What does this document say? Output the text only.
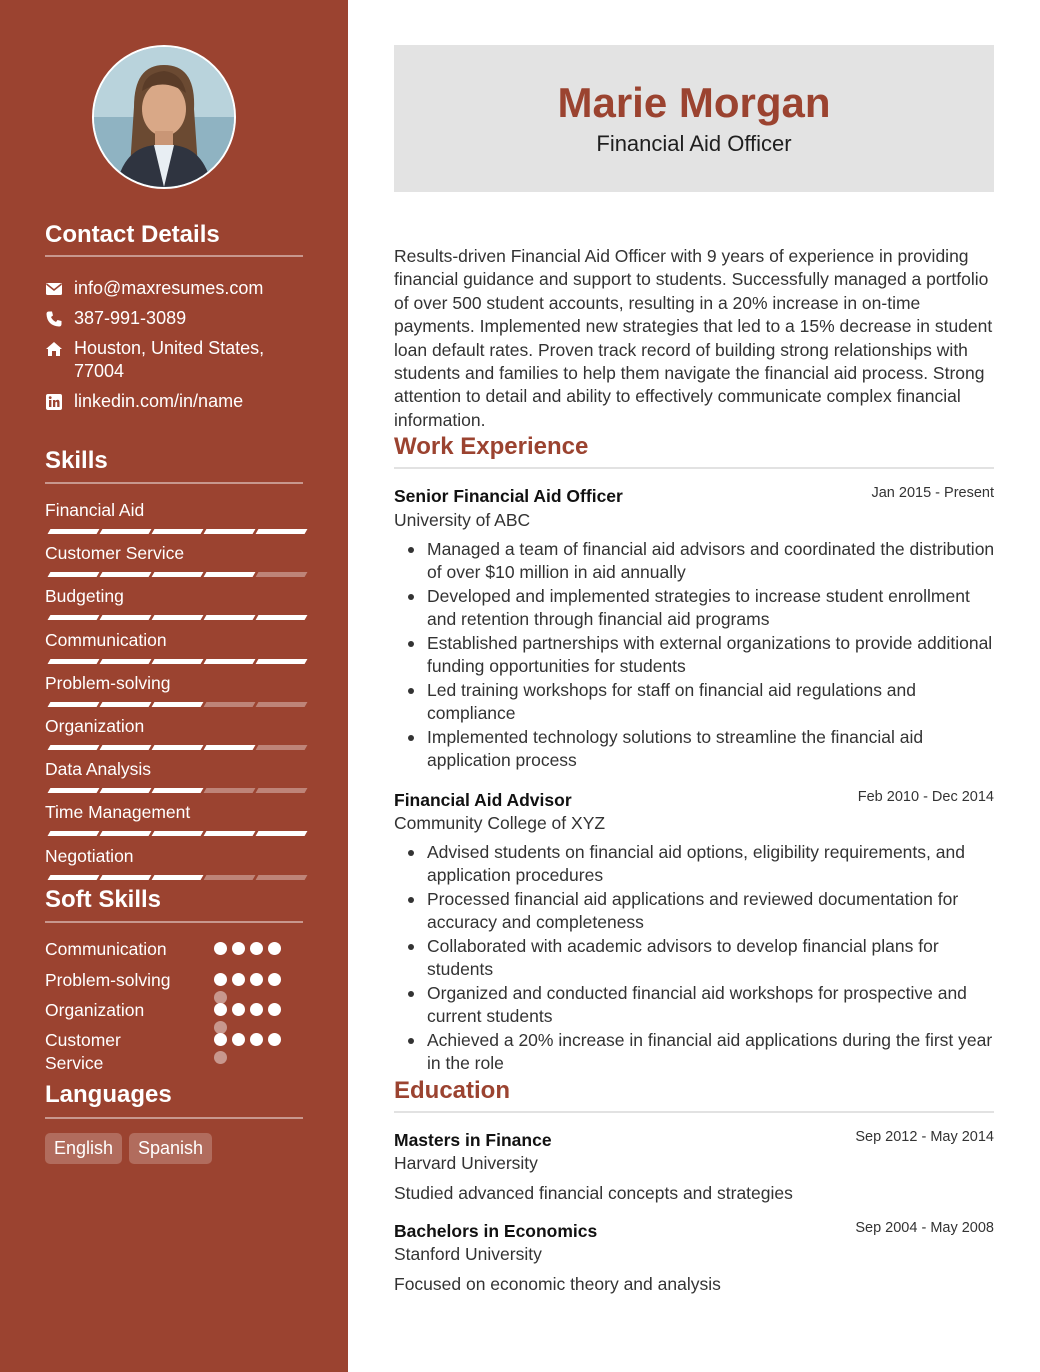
Contact Details
info@maxresumes.com
387-991-3089
Houston, United States, 77004
linkedin.com/in/name
Skills
Financial Aid
Customer Service
Budgeting
Communication
Problem-solving
Organization
Data Analysis
Time Management
Negotiation
Soft Skills
Communication
Problem-solving
Organization
Customer Service
Languages
English	Spanish
Marie Morgan
Financial Aid Officer
Results-driven Financial Aid Officer with 9 years of experience in providing financial guidance and support to students. Successfully managed a portfolio of over 500 student accounts, resulting in a 20% increase in on-time payments. Implemented new strategies that led to a 15% decrease in student loan default rates. Proven track record of building strong relationships with students and families to help them navigate the financial aid process. Strong attention to detail and ability to effectively communicate complex financial information.
Work Experience
Senior Financial Aid Officer	Jan 2015 - Present
University of ABC
Managed a team of financial aid advisors and coordinated the distribution of over $10 million in aid annually
Developed and implemented strategies to increase student enrollment and retention through financial aid programs
Established partnerships with external organizations to provide additional funding opportunities for students
Led training workshops for staff on financial aid regulations and compliance
Implemented technology solutions to streamline the financial aid application process
Financial Aid Advisor	Feb 2010 - Dec 2014
Community College of XYZ
Advised students on financial aid options, eligibility requirements, and application procedures
Processed financial aid applications and reviewed documentation for accuracy and completeness
Collaborated with academic advisors to develop financial plans for students
Organized and conducted financial aid workshops for prospective and current students
Achieved a 20% increase in financial aid applications during the first year in the role
Education
Masters in Finance	Sep 2012 - May 2014
Harvard University
Studied advanced financial concepts and strategies
Bachelors in Economics	Sep 2004 - May 2008
Stanford University
Focused on economic theory and analysis
